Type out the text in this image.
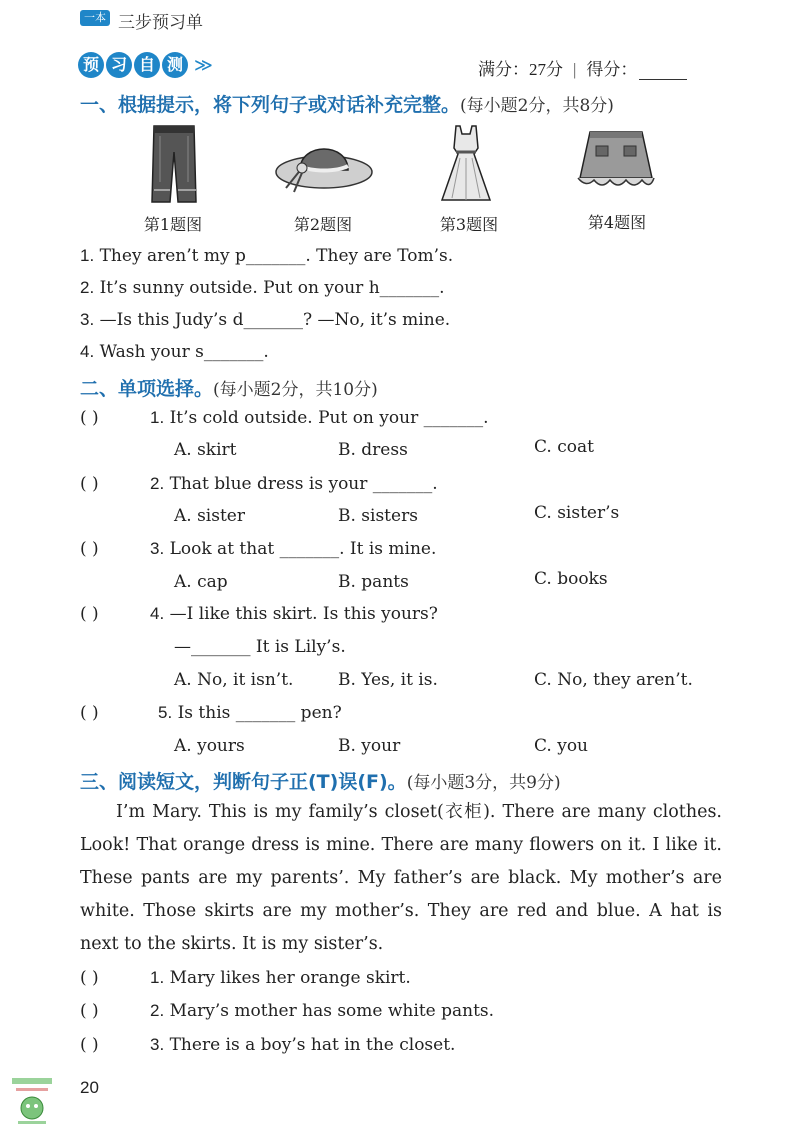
一本 三步预习单
预 习 自 测 ≫	满分：27分 | 得分：
一、根据提示，将下列句子或对话补充完整。(每小题2分，共8分)
第1题图	第2题图	第3题图	第4题图
1. They aren’t my p_______. They are Tom’s.
2. It’s sunny outside. Put on your h_______.
3. —Is this Judy’s d_______? —No, it’s mine.
4. Wash your s_______.
二、单项选择。(每小题2分，共10分)
( )	1. It’s cold outside. Put on your _______.
A. skirt	B. dress	C. coat
( )	2. That blue dress is your _______.
A. sister	B. sisters	C. sister’s
( )	3. Look at that _______. It is mine.
A. cap	B. pants	C. books
( )	4. —I like this skirt. Is this yours?
—_______ It is Lily’s.
A. No, it isn’t.	B. Yes, it is.	C. No, they aren’t.
( )	5. Is this _______ pen?
A. yours	B. your	C. you
三、阅读短文，判断句子正(T)误(F)。(每小题3分，共9分)
I’m Mary. This is my family’s closet(衣柜). There are many clothes. Look! That orange dress is mine. There are many flowers on it. I like it. These pants are my parents’. My father’s are black. My mother’s are white. Those skirts are my mother’s. They are red and blue. A hat is next to the skirts. It is my sister’s.
( )	1. Mary likes her orange skirt.
( )	2. Mary’s mother has some white pants.
( )	3. There is a boy’s hat in the closet.
20
